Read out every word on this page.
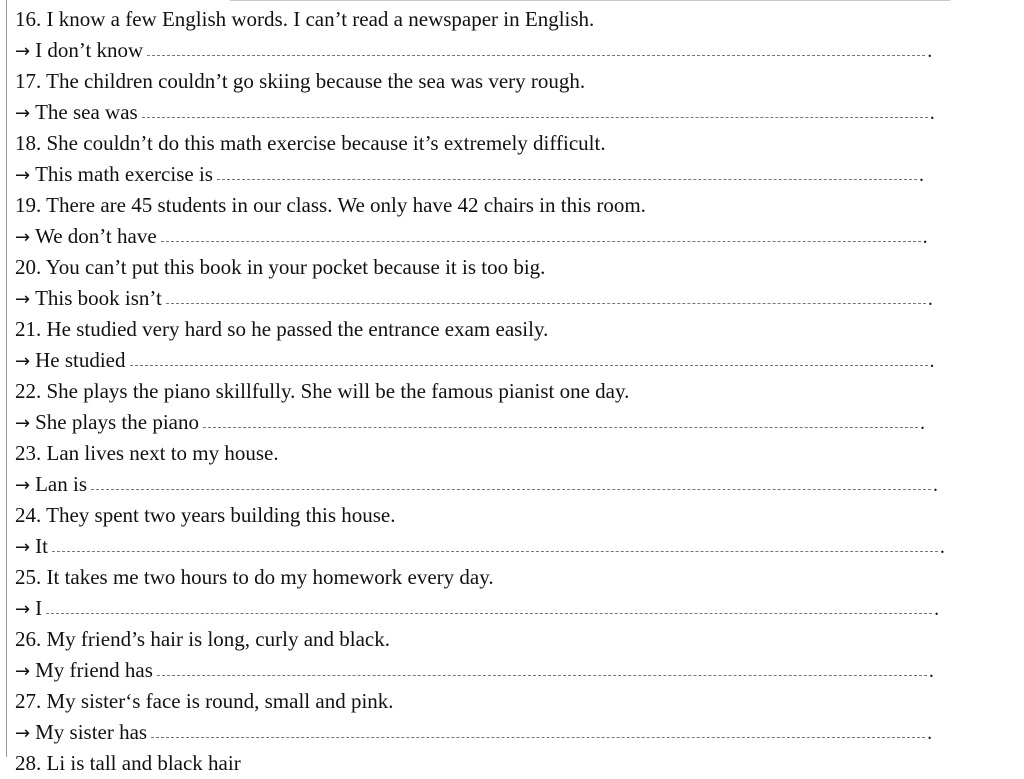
16. I know a few English words. I can’t read a newspaper in English.
→ I don’t know	.
17. The children couldn’t go skiing because the sea was very rough.
→ The sea was	.
18. She couldn’t do this math exercise because it’s extremely difficult.
→ This math exercise is	.
19. There are 45 students in our class. We only have 42 chairs in this room.
→ We don’t have	.
20. You can’t put this book in your pocket because it is too big.
→ This book isn’t	.
21. He studied very hard so he passed the entrance exam easily.
→ He studied	.
22. She plays the piano skillfully. She will be the famous pianist one day.
→ She plays the piano	.
23. Lan lives next to my house.
→ Lan is	.
24. They spent two years building this house.
→ It	.
25. It takes me two hours to do my homework every day.
→ I	.
26. My friend’s hair is long, curly and black.
→ My friend has	.
27. My sister‘s face is round, small and pink.
→ My sister has	.
28. Li is tall and black hair
